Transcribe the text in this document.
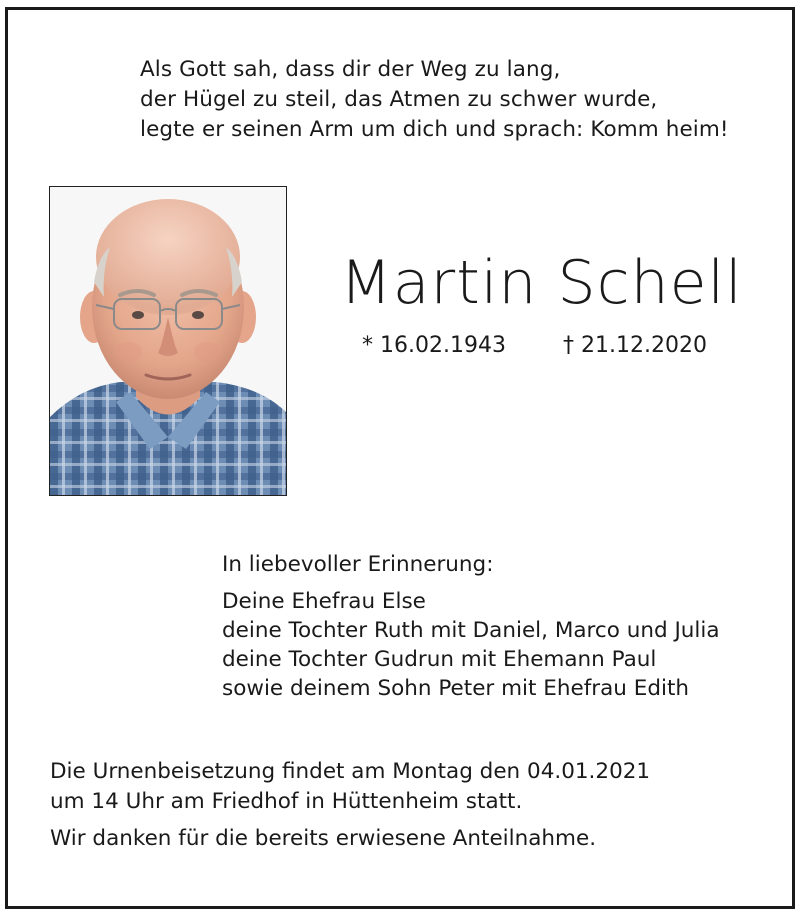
Als Gott sah, dass dir der Weg zu lang,
der Hügel zu steil, das Atmen zu schwer wurde,
legte er seinen Arm um dich und sprach: Komm heim!
Martin Schell
* 16.02.1943	† 21.12.2020
In liebevoller Erinnerung:
Deine Ehefrau Else
deine Tochter Ruth mit Daniel, Marco und Julia
deine Tochter Gudrun mit Ehemann Paul
sowie deinem Sohn Peter mit Ehefrau Edith
Die Urnenbeisetzung findet am Montag den 04.01.2021
um 14 Uhr am Friedhof in Hüttenheim statt.
Wir danken für die bereits erwiesene Anteilnahme.
